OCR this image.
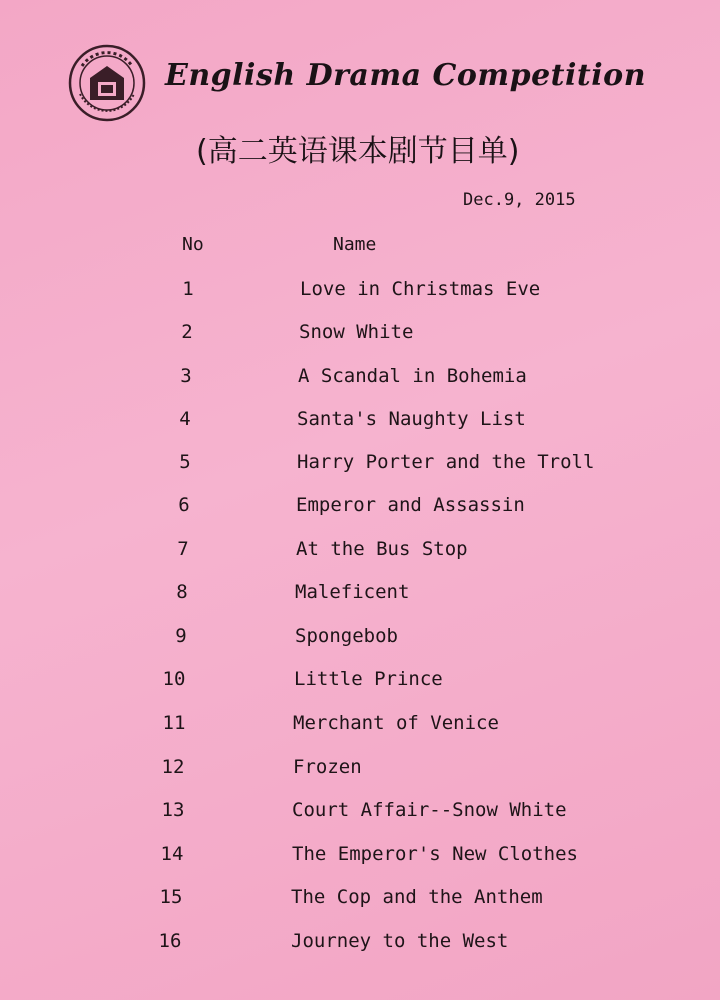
English Drama Competition
(高二英语课本剧节目单)
Dec.9, 2015
No	Name
1	Love in Christmas Eve
2	Snow White
3	A Scandal in Bohemia
4	Santa's Naughty List
5	Harry Porter and the Troll
6	Emperor and Assassin
7	At the Bus Stop
8	Maleficent
9	Spongebob
10	Little Prince
11	Merchant of Venice
12	Frozen
13	Court Affair--Snow White
14	The Emperor's New Clothes
15	The Cop and the Anthem
16	Journey to the West
